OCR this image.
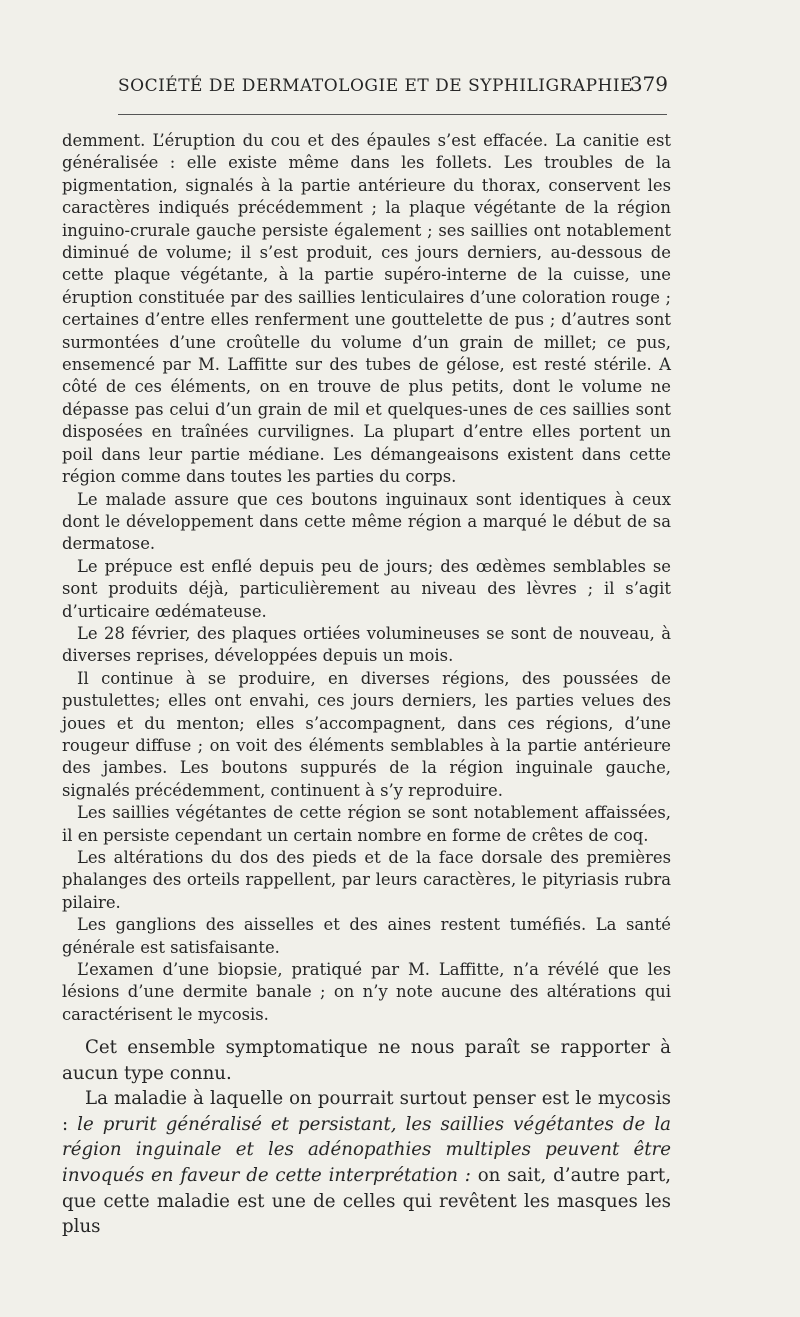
SOCIÉTÉ DE DERMATOLOGIE ET DE SYPHILIGRAPHIE
379

demment. L’éruption du cou et des épaules s’est effacée. La canitie est généralisée : elle existe même dans les follets. Les troubles de la pigmentation, signalés à la partie antérieure du thorax, conservent les caractères indiqués précédemment ; la plaque végétante de la région inguino-crurale gauche persiste également ; ses saillies ont notablement diminué de volume; il s’est produit, ces jours derniers, au-dessous de cette plaque végétante, à la partie supéro-interne de la cuisse, une éruption constituée par des saillies lenticulaires d’une coloration rouge ; certaines d’entre elles renferment une gouttelette de pus ; d’autres sont surmontées d’une croûtelle du volume d’un grain de millet; ce pus, ensemencé par M. Laffitte sur des tubes de gélose, est resté stérile. A côté de ces éléments, on en trouve de plus petits, dont le volume ne dépasse pas celui d’un grain de mil et quelques-unes de ces saillies sont disposées en traînées curvilignes. La plupart d’entre elles portent un poil dans leur partie médiane. Les démangeaisons existent dans cette région comme dans toutes les parties du corps.

Le malade assure que ces boutons inguinaux sont identiques à ceux dont le développement dans cette même région a marqué le début de sa dermatose.

Le prépuce est enflé depuis peu de jours; des œdèmes semblables se sont produits déjà, particulièrement au niveau des lèvres ; il s’agit d’urticaire œdémateuse.

Le 28 février, des plaques ortiées volumineuses se sont de nouveau, à diverses reprises, développées depuis un mois.

Il continue à se produire, en diverses régions, des poussées de pustulettes; elles ont envahi, ces jours derniers, les parties velues des joues et du menton; elles s’accompagnent, dans ces régions, d’une rougeur diffuse ; on voit des éléments semblables à la partie antérieure des jambes. Les boutons suppurés de la région inguinale gauche, signalés précédemment, continuent à s’y reproduire.

Les saillies végétantes de cette région se sont notablement affaissées, il en persiste cependant un certain nombre en forme de crêtes de coq.

Les altérations du dos des pieds et de la face dorsale des premières phalanges des orteils rappellent, par leurs caractères, le pityriasis rubra pilaire.

Les ganglions des aisselles et des aines restent tuméfiés. La santé générale est satisfaisante.

L’examen d’une biopsie, pratiqué par M. Laffitte, n’a révélé que les lésions d’une dermite banale ; on n’y note aucune des altérations qui caractérisent le mycosis.

Cet ensemble symptomatique ne nous paraît se rapporter à aucun type connu.

La maladie à laquelle on pourrait surtout penser est le mycosis : le prurit généralisé et persistant, les saillies végétantes de la région inguinale et les adénopathies multiples peuvent être invoqués en faveur de cette interprétation : on sait, d’autre part, que cette maladie est une de celles qui revêtent les masques les plus
